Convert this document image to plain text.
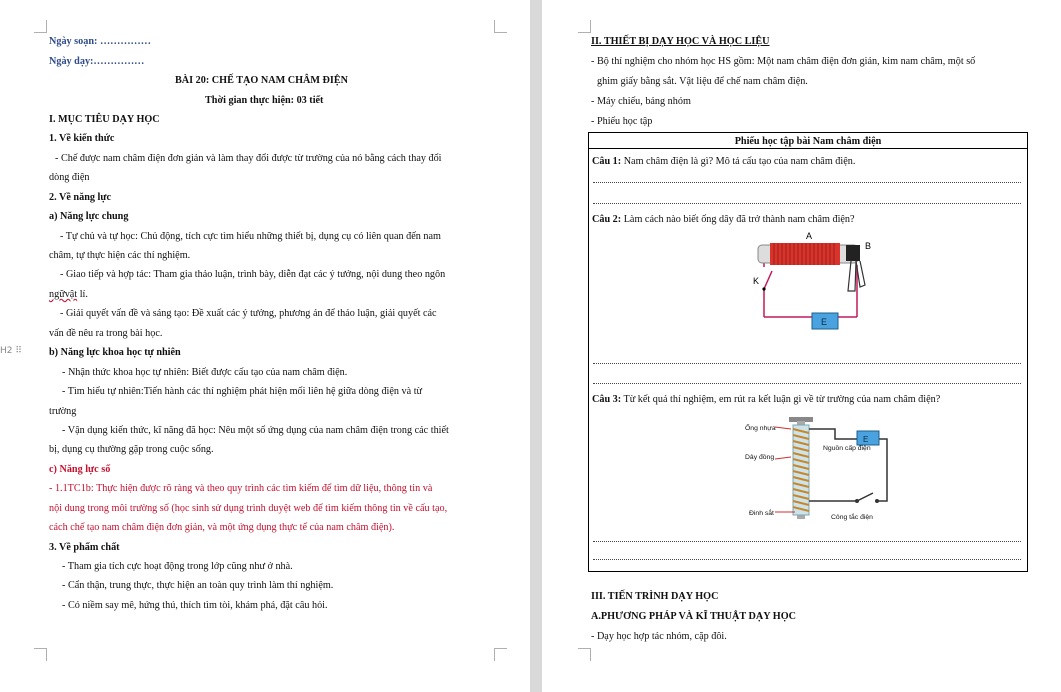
Ngày soạn: ……………
Ngày dạy:……………
BÀI 20: CHẾ TẠO NAM CHÂM ĐIỆN
Thời gian thực hiện: 03 tiết
I. MỤC TIÊU DẠY HỌC
1. Về kiến thức
- Chế được nam châm điện đơn giản và làm thay đổi được từ trường của nó bằng cách thay đổi
dòng điện
2. Về năng lực
a) Năng lực chung
- Tự chủ và tự học: Chủ động, tích cực tìm hiểu những thiết bị, dụng cụ có liên quan đến nam
châm, tự thực hiện các thí nghiệm.
- Giao tiếp và hợp tác: Tham gia thảo luận, trình bày, diễn đạt các ý tưởng, nội dung theo ngôn
ngữvật lí.
- Giải quyết vấn đề và sáng tạo: Đề xuất các ý tưởng, phương án để thảo luận, giải quyết các
vấn đề nêu ra trong bài học.
b) Năng lực khoa học tự nhiên
- Nhận thức khoa học tự nhiên: Biết được cấu tạo của nam châm điện.
- Tìm hiểu tự nhiên:Tiến hành các thí nghiệm phát hiện mối liên hệ giữa dòng điện và từ
trường
- Vận dụng kiến thức, kĩ năng đã học: Nêu một số ứng dụng của nam châm điện trong các thiết
bị, dụng cụ thường gặp trong cuộc sống.
c) Năng lực số
- 1.1TC1b: Thực hiện được rõ ràng và theo quy trình các tìm kiếm để tìm dữ liệu, thông tin và
nội dung trong môi trường số (học sinh sử dụng trình duyệt web để tìm kiếm thông tin về cấu tạo,
cách chế tạo nam châm điện đơn giản, và một ứng dụng thực tế của nam châm điện).
3. Về phẩm chất
- Tham gia tích cực hoạt động trong lớp cũng như ở nhà.
- Cẩn thận, trung thực, thực hiện an toàn quy trình làm thí nghiệm.
- Có niềm say mê, hứng thú, thích tìm tòi, khám phá, đặt câu hỏi.
H2 ⠿
II. THIẾT BỊ DẠY HỌC VÀ HỌC LIỆU
- Bộ thí nghiệm cho nhóm học HS gồm: Một nam châm điện đơn giản, kim nam châm, một số
ghim giấy bằng sắt. Vật liệu để chế nam châm điện.
- Máy chiếu, bảng nhóm
- Phiếu học tập
Phiếu học tập bài Nam châm điện
Câu 1: Nam châm điện là gì? Mô tả cấu tạo của nam châm điện.
Câu 2: Làm cách nào biết ống dây đã trở thành nam châm điện?
K
A
B
E
Câu 3: Từ kết quả thí nghiệm, em rút ra kết luận gì về từ trường của nam châm điện?
E
Ống nhựa
Dây đồng
Đinh sắt
Nguồn cấp điện
Công tắc điện
III. TIẾN TRÌNH DẠY HỌC
A.PHƯƠNG PHÁP VÀ KĨ THUẬT DẠY HỌC
- Dạy học hợp tác nhóm, cặp đôi.
